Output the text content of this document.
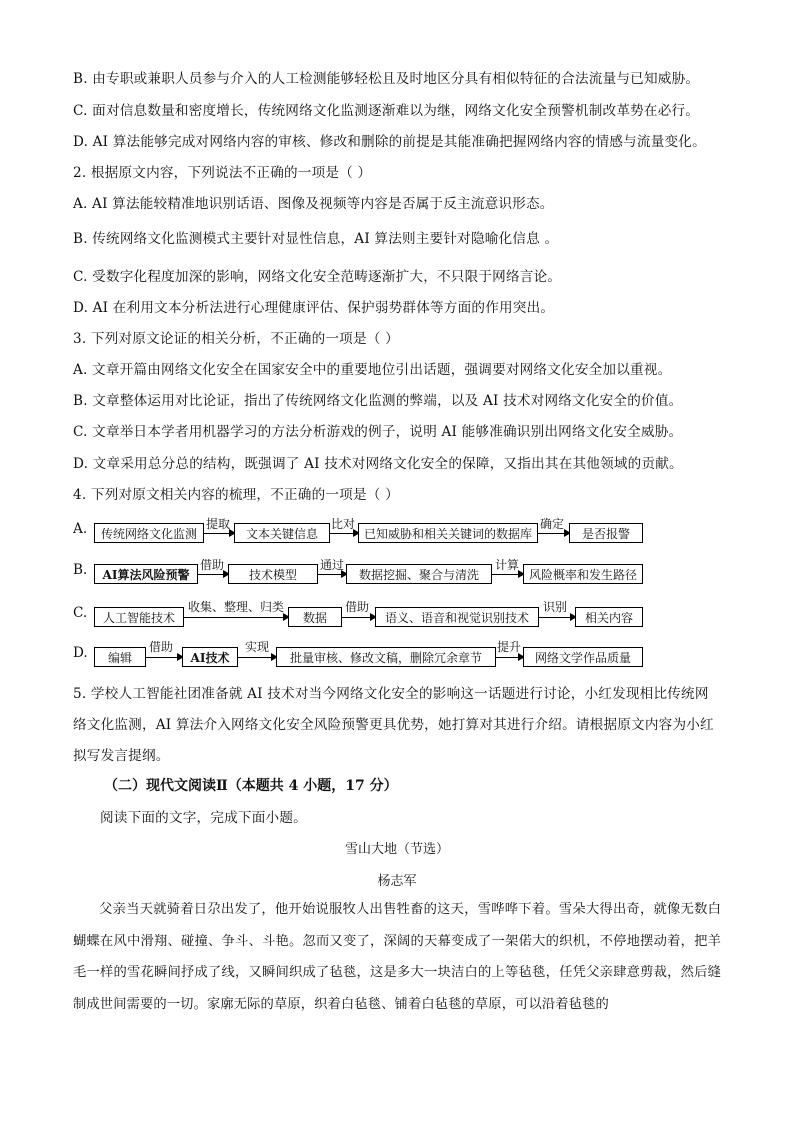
B. 由专职或兼职人员参与介入的人工检测能够轻松且及时地区分具有相似特征的合法流量与已知威胁。
C. 面对信息数量和密度增长，传统网络文化监测逐渐难以为继，网络文化安全预警机制改革势在必行。
D. AI 算法能够完成对网络内容的审核、修改和删除的前提是其能准确把握网络内容的情感与流量变化。
2. 根据原文内容，下列说法不正确的一项是（ ）
A. AI 算法能较精准地识别话语、图像及视频等内容是否属于反主流意识形态。
B. 传统网络文化监测模式主要针对显性信息，AI 算法则主要针对隐喻化信息 。
C. 受数字化程度加深的影响，网络文化安全范畴逐渐扩大，不只限于网络言论。
D. AI 在利用文本分析法进行心理健康评估、保护弱势群体等方面的作用突出。
3. 下列对原文论证的相关分析，不正确的一项是（ ）
A. 文章开篇由网络文化安全在国家安全中的重要地位引出话题，强调要对网络文化安全加以重视。
B. 文章整体运用对比论证，指出了传统网络文化监测的弊端，以及 AI 技术对网络文化安全的价值。
C. 文章举日本学者用机器学习的方法分析游戏的例子，说明 AI 能够准确识别出网络文化安全威胁。
D. 文章采用总分总的结构，既强调了 AI 技术对网络文化安全的保障，又指出其在其他领域的贡献。
4. 下列对原文相关内容的梳理，不正确的一项是（ ）
A.	传统网络文化监测
提取
文本关键信息
比对
已知威胁和相关关键词的数据库
确定
是否报警
B.	AI算法风险预警
借助
技术模型
通过
数据挖掘、聚合与清洗
计算
风险概率和发生路径
C.	人工智能技术
收集、整理、归类
数据
借助
语义、语音和视觉识别技术
识别
相关内容
D.	编辑
借助
AI技术
实现
批量审核、修改文稿，删除冗余章节
提升
网络文学作品质量
5. 学校人工智能社团准备就 AI 技术对当今网络文化安全的影响这一话题进行讨论，小红发现相比传统网
络文化监测，AI 算法介入网络文化安全风险预警更具优势，她打算对其进行介绍。请根据原文内容为小红
拟写发言提纲。
（二）现代文阅读Ⅱ（本题共 4 小题，17 分）
阅读下面的文字，完成下面小题。
雪山大地（节选）
杨志军
父亲当天就骑着日尕出发了，他开始说服牧人出售牲畜的这天，雪哗哗下着。雪朵大得出奇，就像无数白蝴蝶在风中滑翔、碰撞、争斗、斗艳。忽而又变了，深阔的天幕变成了一架偌大的织机，不停地摆动着，把羊毛一样的雪花瞬间抒成了线，又瞬间织成了毡毯，这是多大一块洁白的上等毡毯，任凭父亲肆意剪裁，然后缝制成世间需要的一切。家廓无际的草原，织着白毡毯、铺着白毡毯的草原，可以沿着毡毯的
